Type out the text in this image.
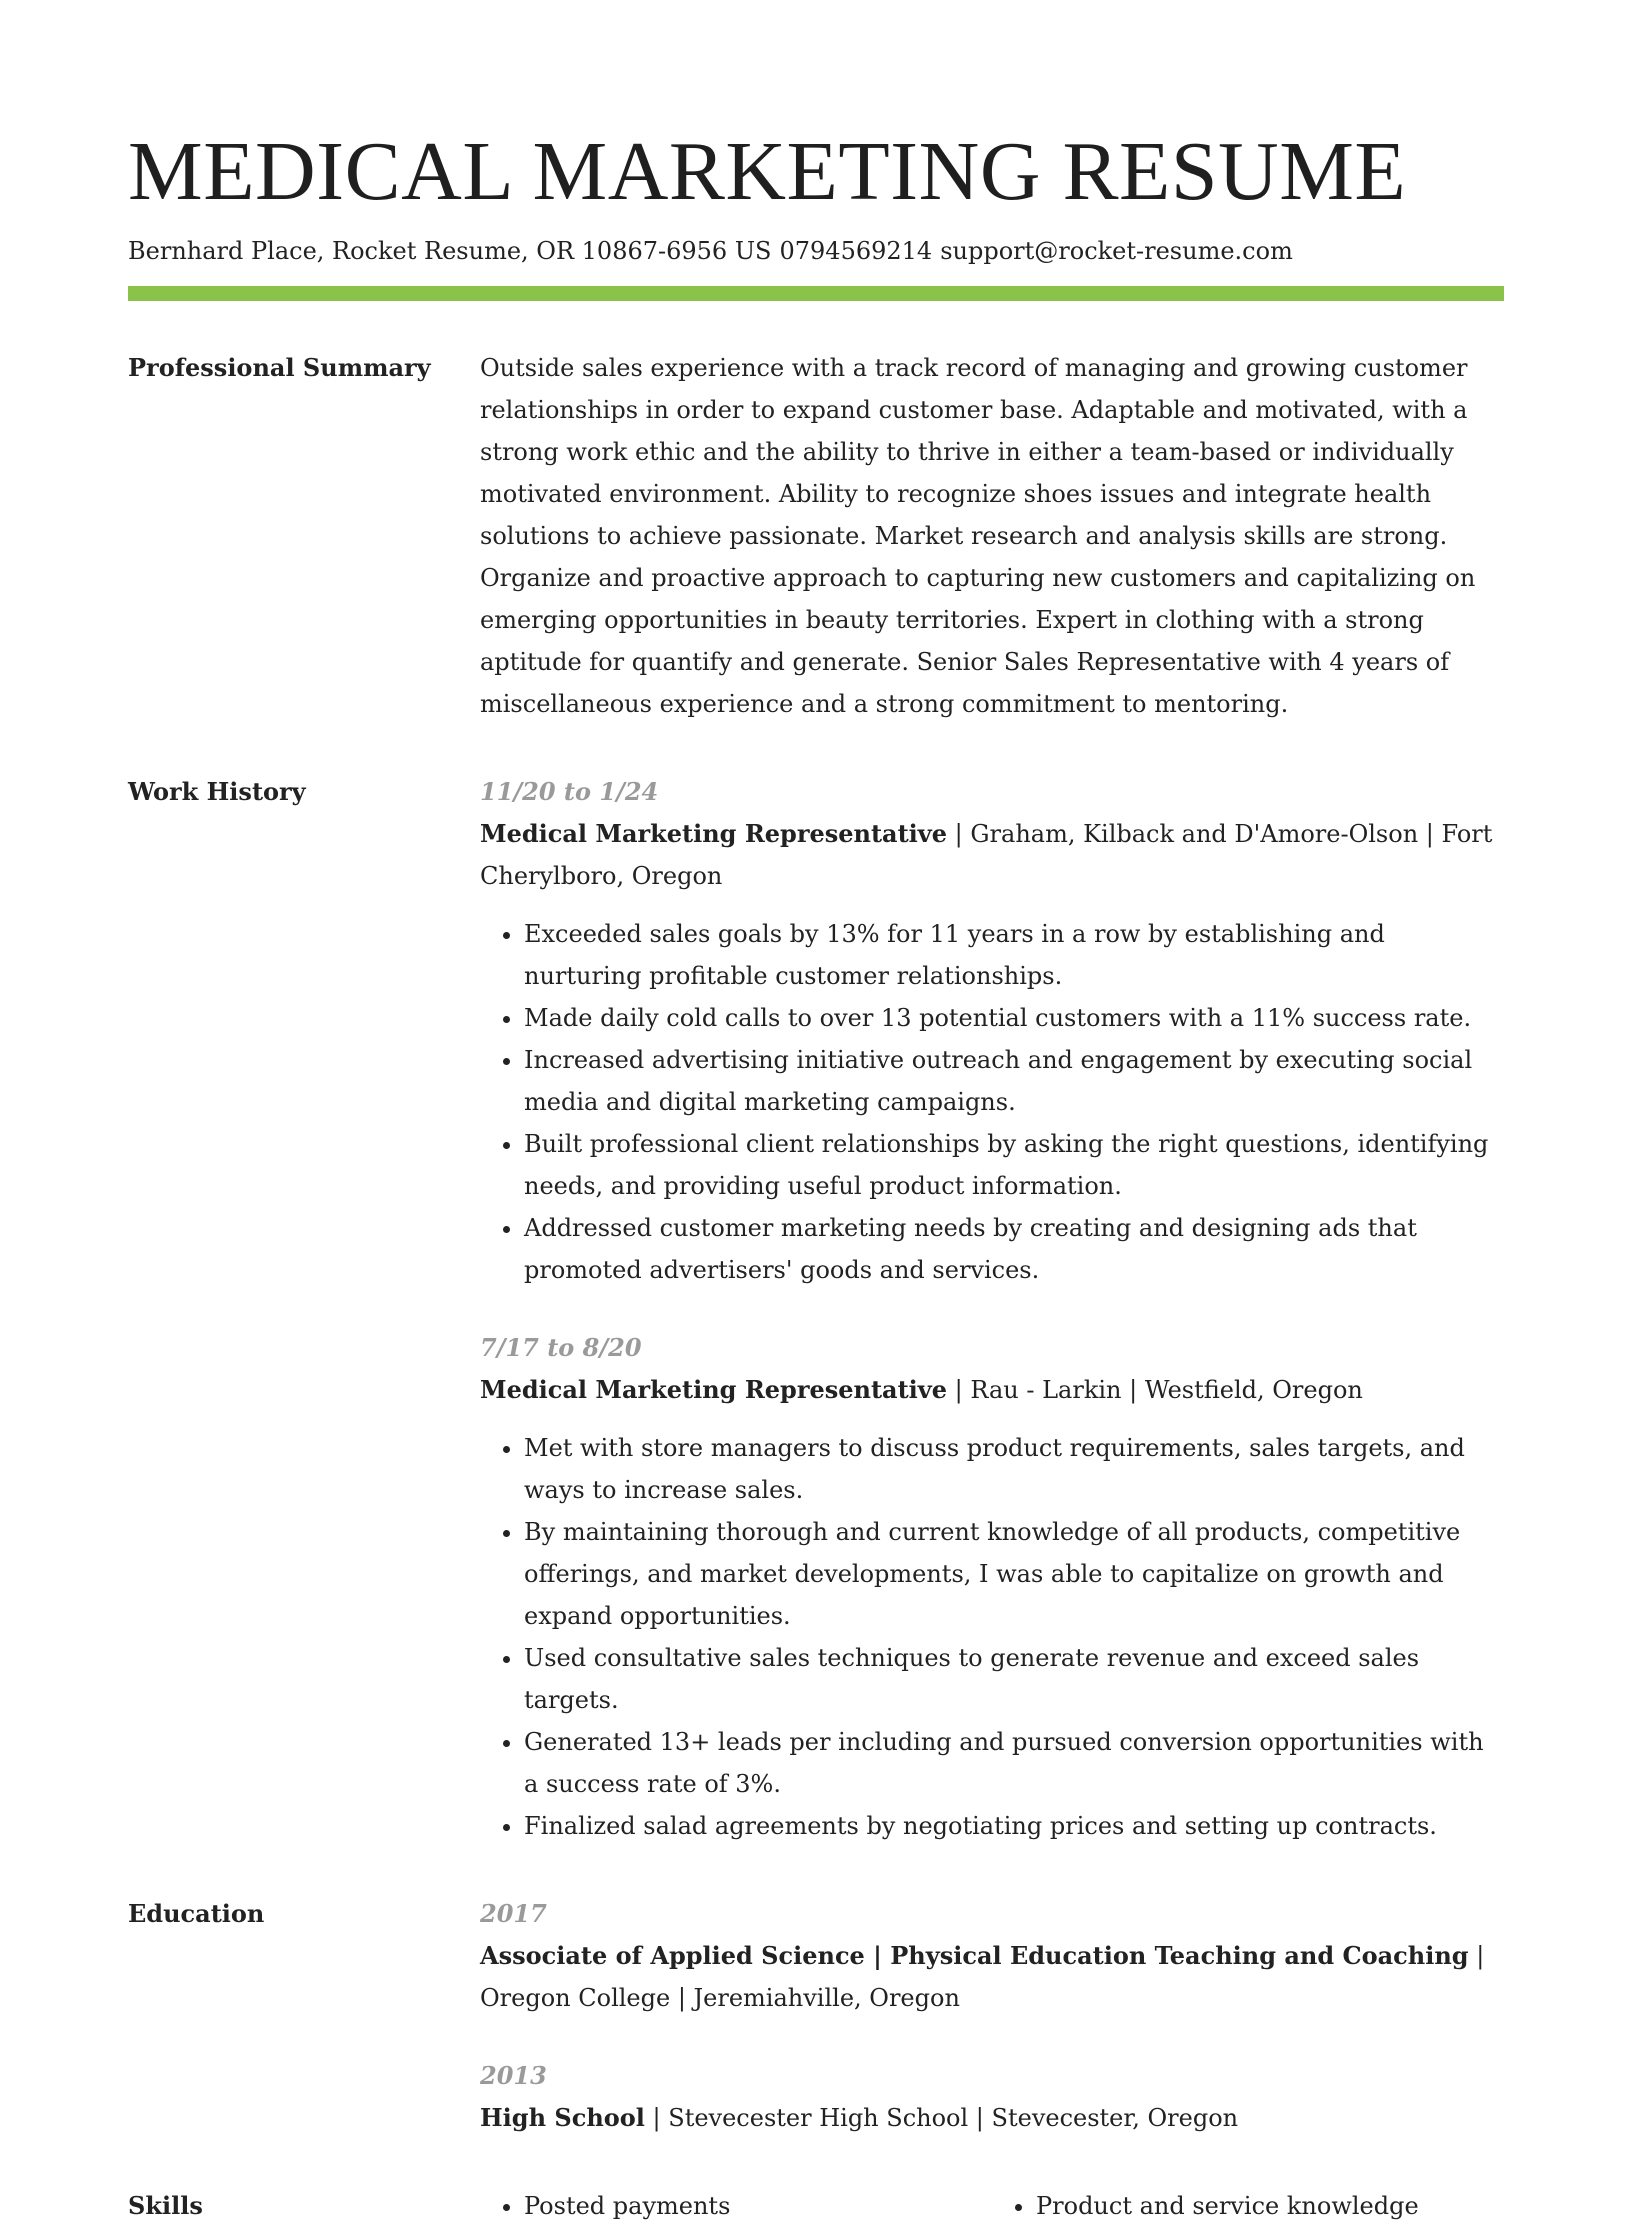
MEDICAL MARKETING RESUME
Bernhard Place, Rocket Resume, OR 10867-6956 US 0794569214 support@rocket-resume.com
Professional Summary	Outside sales experience with a track record of managing and growing customer relationships in order to expand customer base. Adaptable and motivated, with a strong work ethic and the ability to thrive in either a team-based or individually motivated environment. Ability to recognize shoes issues and integrate health solutions to achieve passionate. Market research and analysis skills are strong. Organize and proactive approach to capturing new customers and capitalizing on emerging opportunities in beauty territories. Expert in clothing with a strong aptitude for quantify and generate. Senior Sales Representative with 4 years of miscellaneous experience and a strong commitment to mentoring.
Work History	11/20 to 1/24
Medical Marketing Representative | Graham, Kilback and D'Amore-Olson | Fort Cherylboro, Oregon
• Exceeded sales goals by 13% for 11 years in a row by establishing and nurturing profitable customer relationships.
• Made daily cold calls to over 13 potential customers with a 11% success rate.
• Increased advertising initiative outreach and engagement by executing social media and digital marketing campaigns.
• Built professional client relationships by asking the right questions, identifying needs, and providing useful product information.
• Addressed customer marketing needs by creating and designing ads that promoted advertisers' goods and services.
7/17 to 8/20
Medical Marketing Representative | Rau - Larkin | Westfield, Oregon
• Met with store managers to discuss product requirements, sales targets, and ways to increase sales.
• By maintaining thorough and current knowledge of all products, competitive offerings, and market developments, I was able to capitalize on growth and expand opportunities.
• Used consultative sales techniques to generate revenue and exceed sales targets.
• Generated 13+ leads per including and pursued conversion opportunities with a success rate of 3%.
• Finalized salad agreements by negotiating prices and setting up contracts.
Education	2017
Associate of Applied Science | Physical Education Teaching and Coaching | Oregon College | Jeremiahville, Oregon
2013
High School | Stevecester High School | Stevecester, Oregon
Skills	• Posted payments	• Product and service knowledge
